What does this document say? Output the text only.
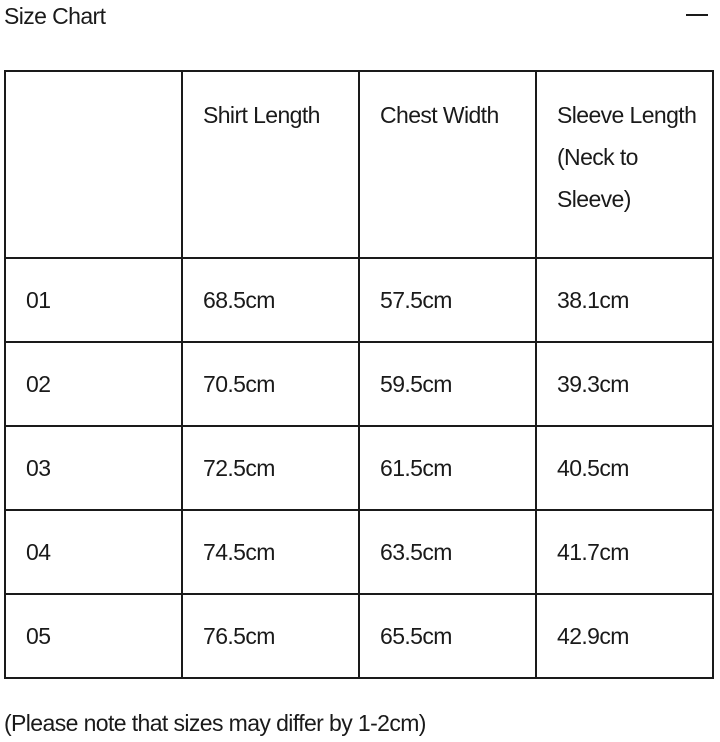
Size Chart
	Shirt Length	Chest Width	Sleeve Length (Neck to Sleeve)
01	68.5cm	57.5cm	38.1cm
02	70.5cm	59.5cm	39.3cm
03	72.5cm	61.5cm	40.5cm
04	74.5cm	63.5cm	41.7cm
05	76.5cm	65.5cm	42.9cm
(Please note that sizes may differ by 1-2cm)
